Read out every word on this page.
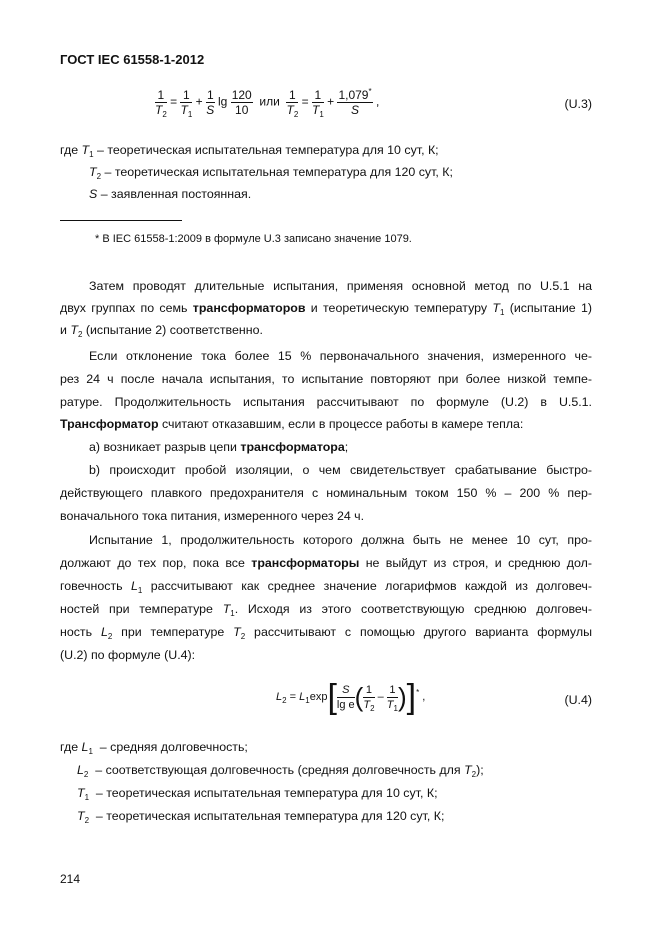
ГОСТ IEC 61558-1-2012
$\frac{1}{T_2} = \frac{1}{T_1} + \frac{1}{S}$ $\lg \frac{120}{10}$ или $\frac{1}{T_2} = \frac{1}{T_1} + \frac{1,079^*}{S}$ ,	(U.3)
где $T_1$ – теоретическая испытательная температура для 10 сут, К;
$T_2$ – теоретическая испытательная температура для 120 сут, К;
S – заявленная постоянная.
* В IEC 61558-1:2009 в формуле U.3 записано значение 1079.
Затем проводят длительные испытания, применяя основной метод по U.5.1 на
двух группах по семь трансформаторов и теоретическую температуру $T_1$ (испытание 1)
и $T_2$ (испытание 2) соответственно.
Если отклонение тока более 15 % первоначального значения, измеренного че-
рез 24 ч после начала испытания, то испытание повторяют при более низкой темпе-
ратуре. Продолжительность испытания рассчитывают по формуле (U.2) в U.5.1.
Трансформатор считают отказавшим, если в процессе работы в камере тепла:
а) возникает разрыв цепи трансформатора;
b) происходит пробой изоляции, о чем свидетельствует срабатывание быстро-
действующего плавкого предохранителя с номинальным током 150 % – 200 % пер-
воначального тока питания, измеренного через 24 ч.
Испытание 1, продолжительность которого должна быть не менее 10 сут, про-
должают до тех пор, пока все трансформаторы не выйдут из строя, и среднюю дол-
говечность $L_1$ рассчитывают как среднее значение логарифмов каждой из долговеч-
ностей при температуре $T_1$. Исходя из этого соответствующую среднюю долговеч-
ность $L_2$ при температуре $T_2$ рассчитывают с помощью другого варианта формулы
(U.2) по формуле (U.4):
$L_2 = L_1\exp[ \frac{S}{\text{lg e}}$ ( $\frac{1}{T_2} - \frac{1}{T_1} )]^*$ ,	(U.4)
где $L_1$ – средняя долговечность;
$L_2$ – соответствующая долговечность (средняя долговечность для $T_2$);
$T_1$ – теоретическая испытательная температура для 10 сут, К;
$T_2$ – теоретическая испытательная температура для 120 сут, К;
214
